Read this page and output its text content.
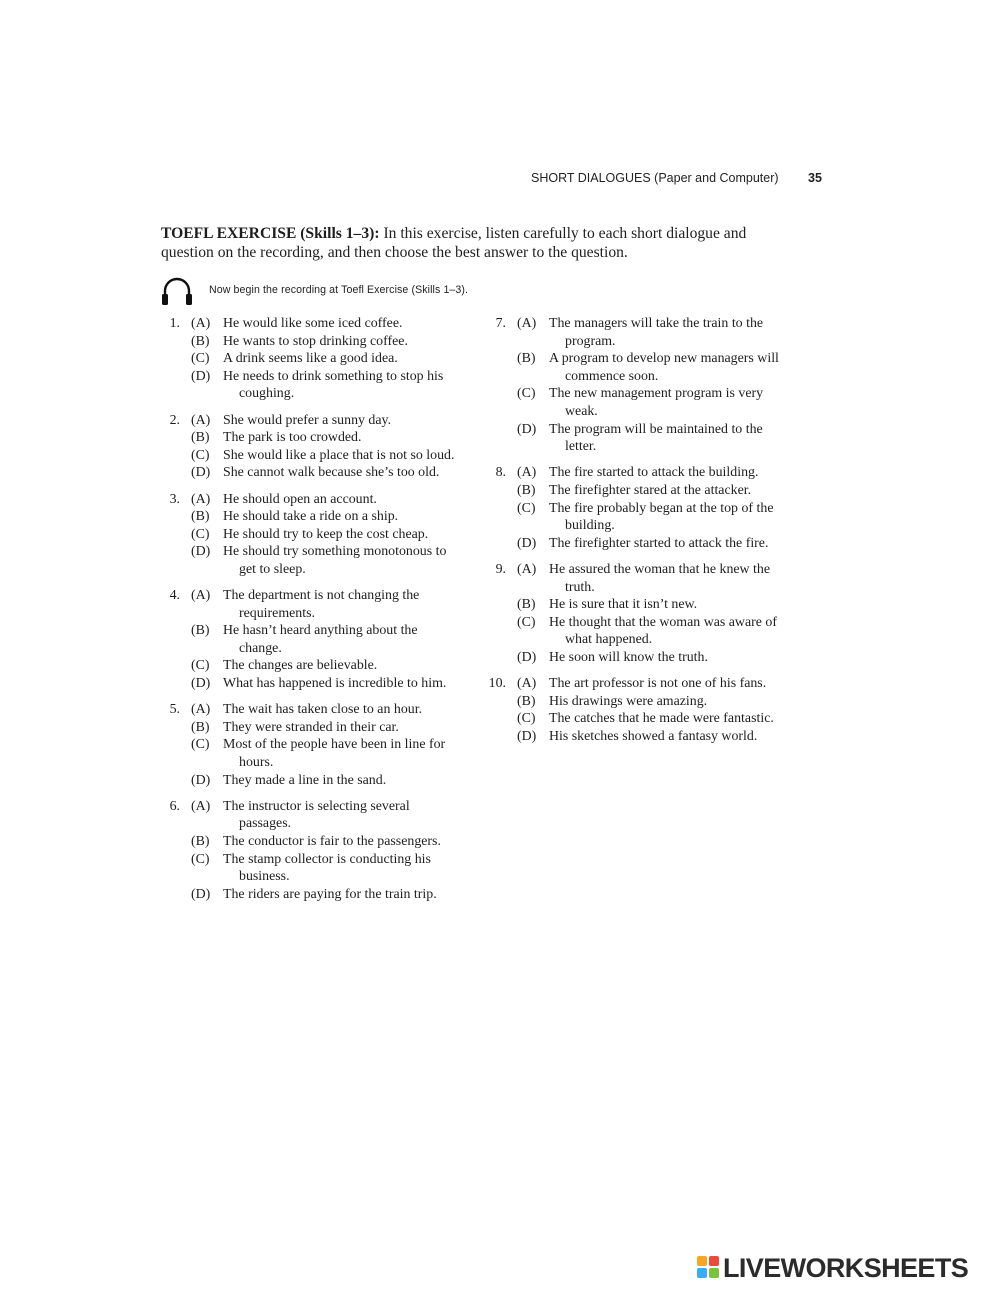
SHORT DIALOGUES (Paper and Computer) 35
TOEFL EXERCISE (Skills 1–3): In this exercise, listen carefully to each short dialogue and question on the recording, and then choose the best answer to the question.
Now begin the recording at Toefl Exercise (Skills 1–3).
1. (A) He would like some iced coffee.
(B) He wants to stop drinking coffee.
(C) A drink seems like a good idea.
(D) He needs to drink something to stop his coughing.
2. (A) She would prefer a sunny day.
(B) The park is too crowded.
(C) She would like a place that is not so loud.
(D) She cannot walk because she’s too old.
3. (A) He should open an account.
(B) He should take a ride on a ship.
(C) He should try to keep the cost cheap.
(D) He should try something monotonous to get to sleep.
4. (A) The department is not changing the requirements.
(B) He hasn’t heard anything about the change.
(C) The changes are believable.
(D) What has happened is incredible to him.
5. (A) The wait has taken close to an hour.
(B) They were stranded in their car.
(C) Most of the people have been in line for hours.
(D) They made a line in the sand.
6. (A) The instructor is selecting several passages.
(B) The conductor is fair to the passengers.
(C) The stamp collector is conducting his business.
(D) The riders are paying for the train trip.
7. (A) The managers will take the train to the program.
(B) A program to develop new managers will commence soon.
(C) The new management program is very weak.
(D) The program will be maintained to the letter.
8. (A) The fire started to attack the building.
(B) The firefighter stared at the attacker.
(C) The fire probably began at the top of the building.
(D) The firefighter started to attack the fire.
9. (A) He assured the woman that he knew the truth.
(B) He is sure that it isn’t new.
(C) He thought that the woman was aware of what happened.
(D) He soon will know the truth.
10. (A) The art professor is not one of his fans.
(B) His drawings were amazing.
(C) The catches that he made were fantastic.
(D) His sketches showed a fantasy world.
LIVEWORKSHEETS
